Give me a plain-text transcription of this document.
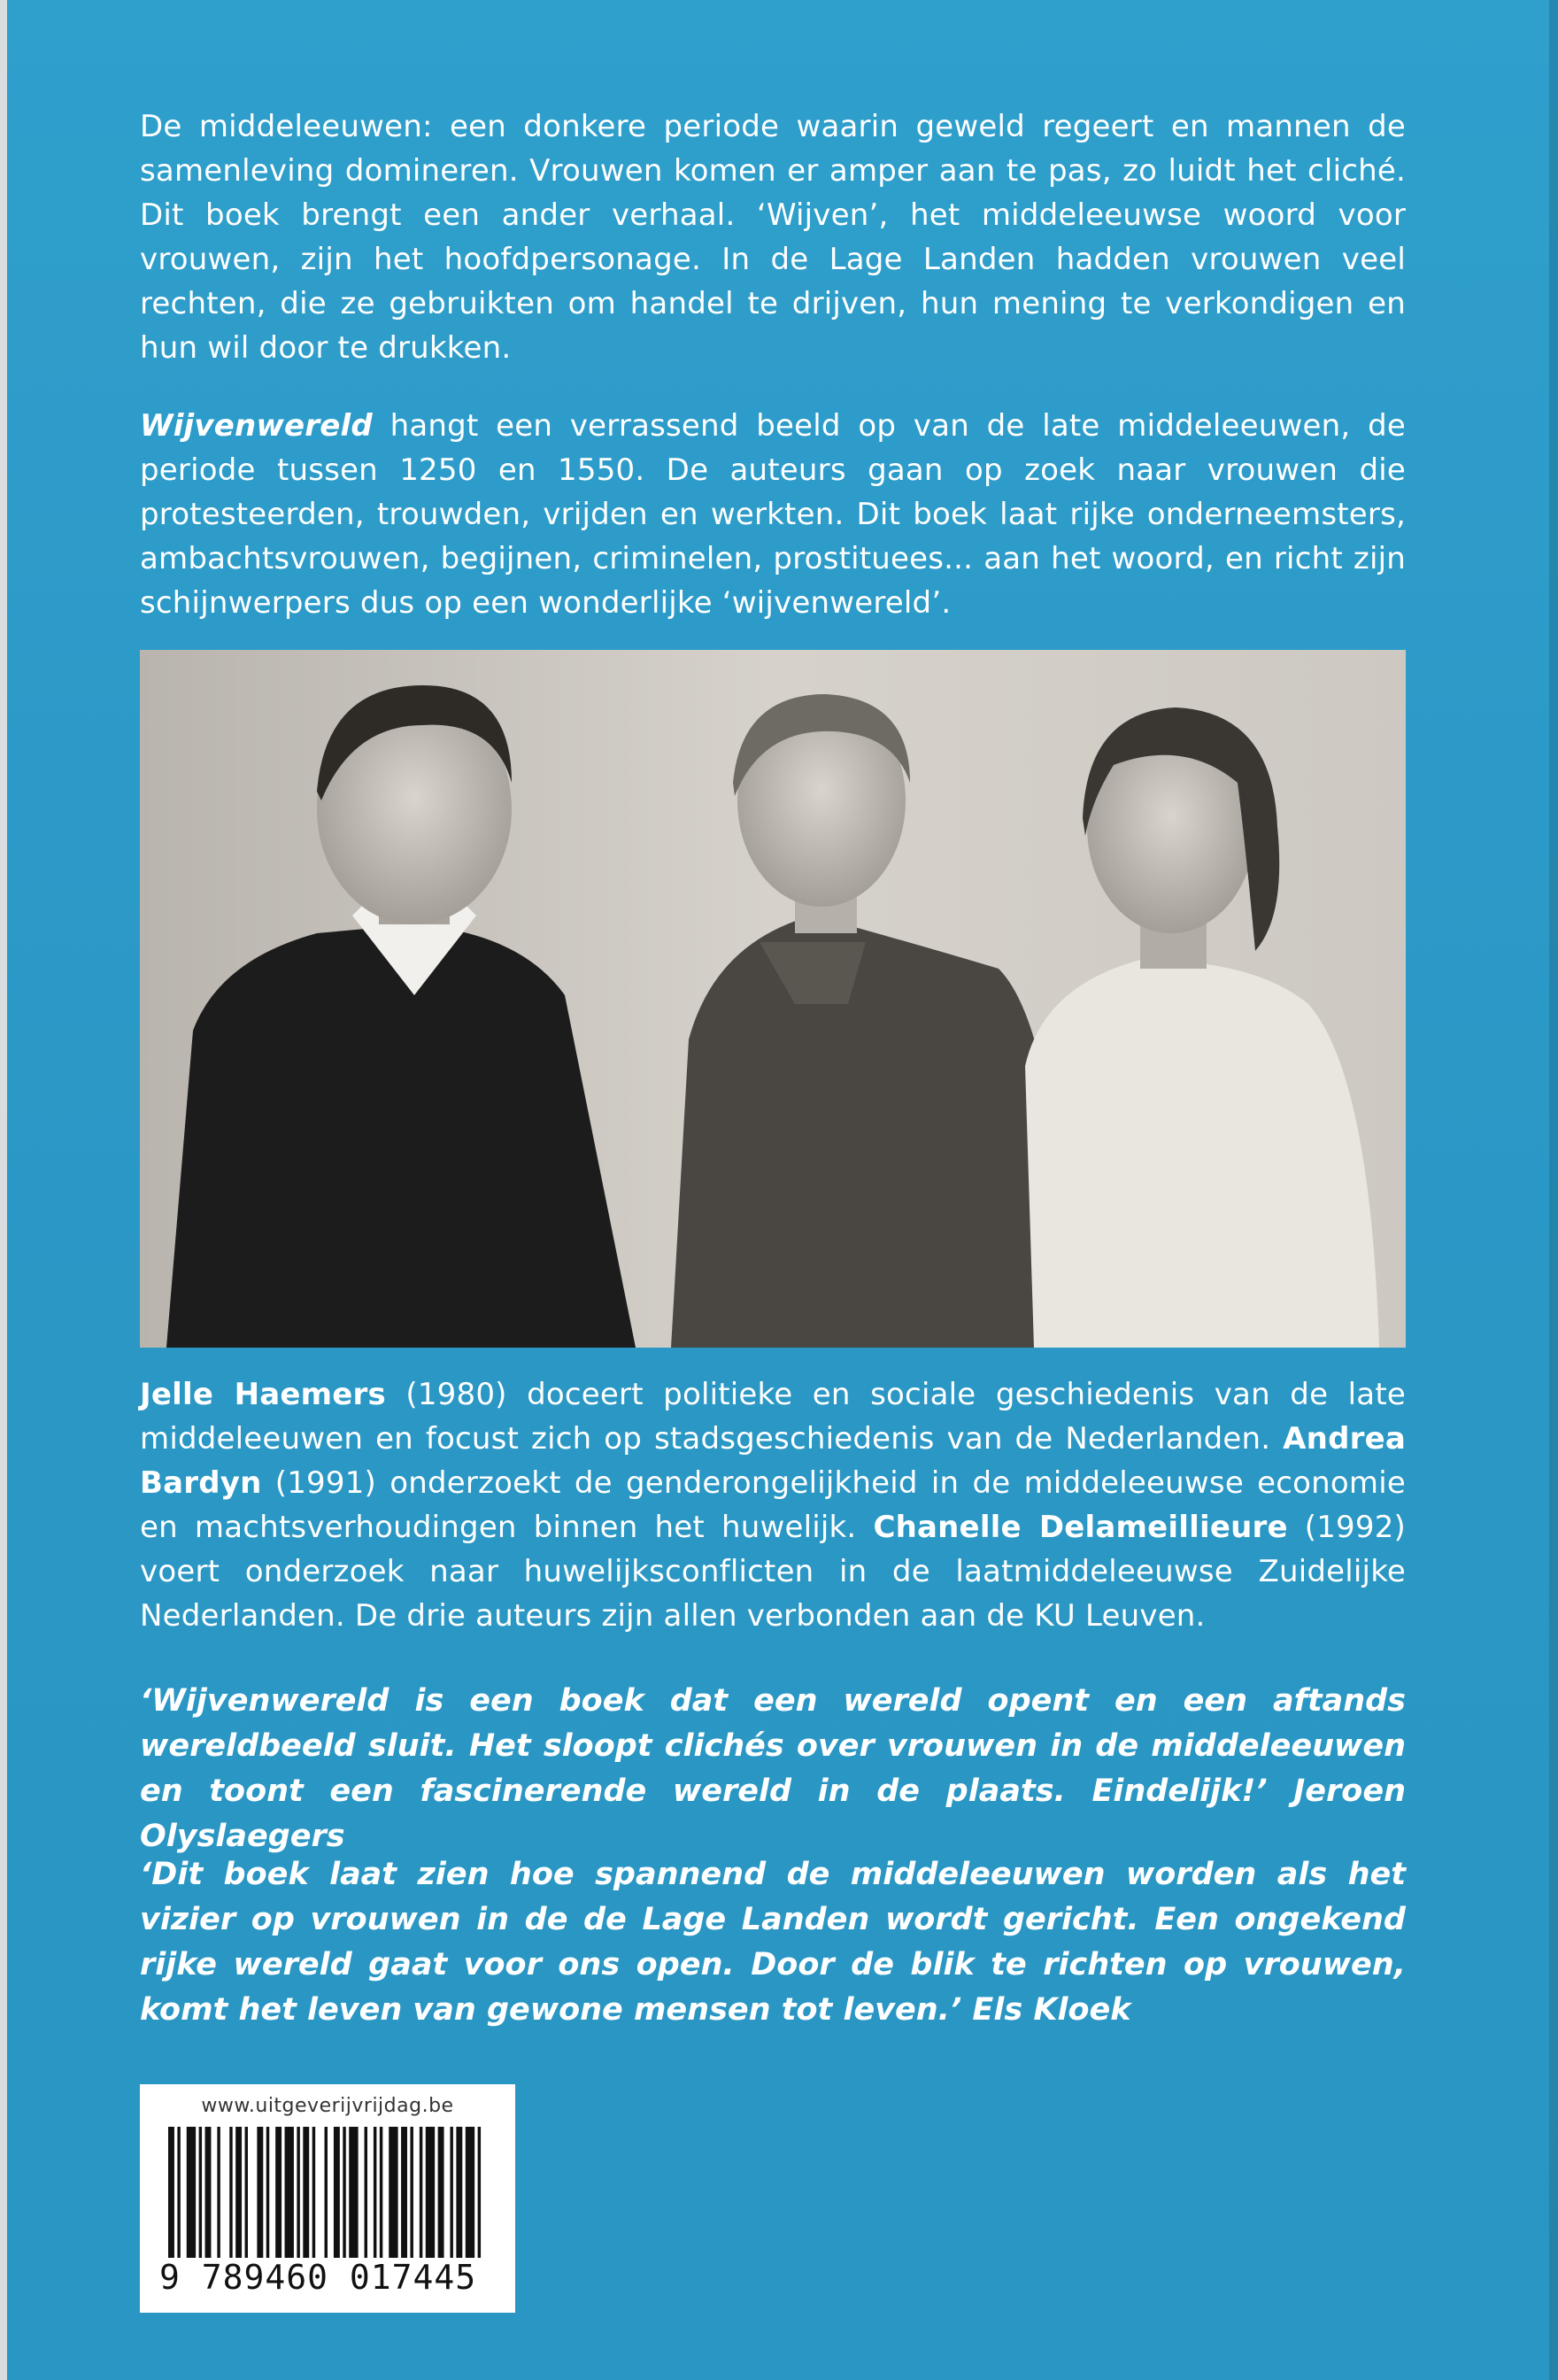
De middeleeuwen: een donkere periode waarin geweld regeert en mannen de samenleving domineren. Vrouwen komen er amper aan te pas, zo luidt het cliché. Dit boek brengt een ander verhaal. ‘Wijven’, het middeleeuwse woord voor vrouwen, zijn het hoofdpersonage. In de Lage Landen hadden vrouwen veel rechten, die ze gebruikten om handel te drijven, hun mening te verkondigen en hun wil door te drukken.

Wijvenwereld hangt een verrassend beeld op van de late middeleeuwen, de periode tussen 1250 en 1550. De auteurs gaan op zoek naar vrouwen die protesteerden, trouwden, vrijden en werkten. Dit boek laat rijke onderneemsters, ambachtsvrouwen, begijnen, criminelen, prostituees... aan het woord, en richt zijn schijnwerpers dus op een wonderlijke ‘wijvenwereld’.

Jelle Haemers (1980) doceert politieke en sociale geschiedenis van de late middeleeuwen en focust zich op stadsgeschiedenis van de Nederlanden. Andrea Bardyn (1991) onderzoekt de genderongelijkheid in de middeleeuwse economie en machtsverhoudingen binnen het huwelijk. Chanelle Delameillieure (1992) voert onderzoek naar huwelijksconflicten in de laatmiddeleeuwse Zuidelijke Nederlanden. De drie auteurs zijn allen verbonden aan de KU Leuven.

‘Wijvenwereld is een boek dat een wereld opent en een aftands wereldbeeld sluit. Het sloopt clichés over vrouwen in de middeleeuwen en toont een fascinerende wereld in de plaats. Eindelijk!’ Jeroen Olyslaegers

‘Dit boek laat zien hoe spannend de middeleeuwen worden als het vizier op vrouwen in de de Lage Landen wordt gericht. Een ongekend rijke wereld gaat voor ons open. Door de blik te richten op vrouwen, komt het leven van gewone mensen tot leven.’ Els Kloek

www.uitgeverijvrijdag.be
9 789460 017445
